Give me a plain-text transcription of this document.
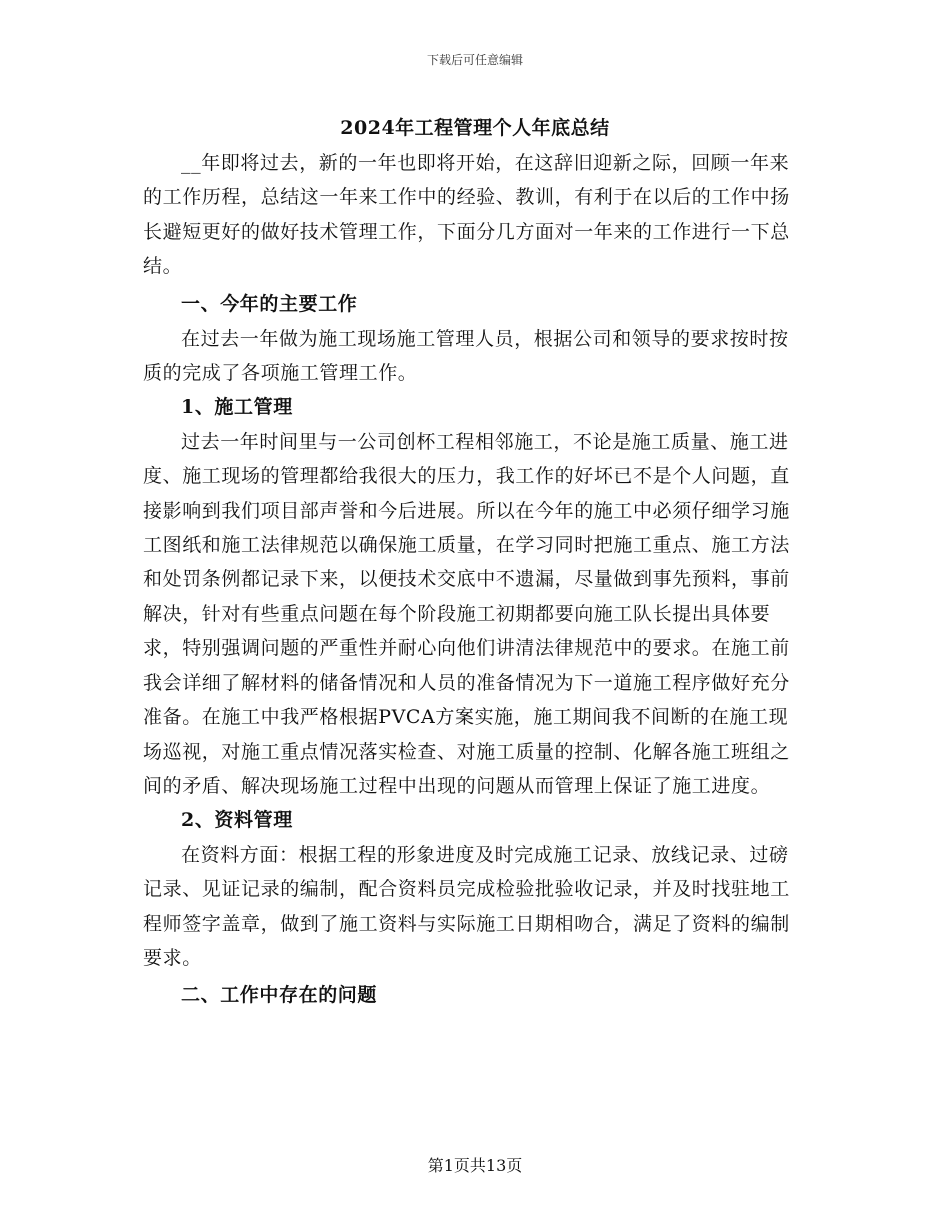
下载后可任意编辑
2024年工程管理个人年底总结

__年即将过去，新的一年也即将开始，在这辞旧迎新之际，回顾一年来的工作历程，总结这一年来工作中的经验、教训，有利于在以后的工作中扬长避短更好的做好技术管理工作，下面分几方面对一年来的工作进行一下总结。

一、今年的主要工作

在过去一年做为施工现场施工管理人员，根据公司和领导的要求按时按质的完成了各项施工管理工作。

1、施工管理

过去一年时间里与一公司创杯工程相邻施工，不论是施工质量、施工进度、施工现场的管理都给我很大的压力，我工作的好坏已不是个人问题，直接影响到我们项目部声誉和今后进展。所以在今年的施工中必须仔细学习施工图纸和施工法律规范以确保施工质量，在学习同时把施工重点、施工方法和处罚条例都记录下来，以便技术交底中不遗漏，尽量做到事先预料，事前解决，针对有些重点问题在每个阶段施工初期都要向施工队长提出具体要求，特别强调问题的严重性并耐心向他们讲清法律规范中的要求。在施工前我会详细了解材料的储备情况和人员的准备情况为下一道施工程序做好充分准备。在施工中我严格根据PVCA方案实施，施工期间我不间断的在施工现场巡视，对施工重点情况落实检查、对施工质量的控制、化解各施工班组之间的矛盾、解决现场施工过程中出现的问题从而管理上保证了施工进度。

2、资料管理

在资料方面：根据工程的形象进度及时完成施工记录、放线记录、过磅记录、见证记录的编制，配合资料员完成检验批验收记录，并及时找驻地工程师签字盖章，做到了施工资料与实际施工日期相吻合，满足了资料的编制要求。

二、工作中存在的问题
第1页共13页
